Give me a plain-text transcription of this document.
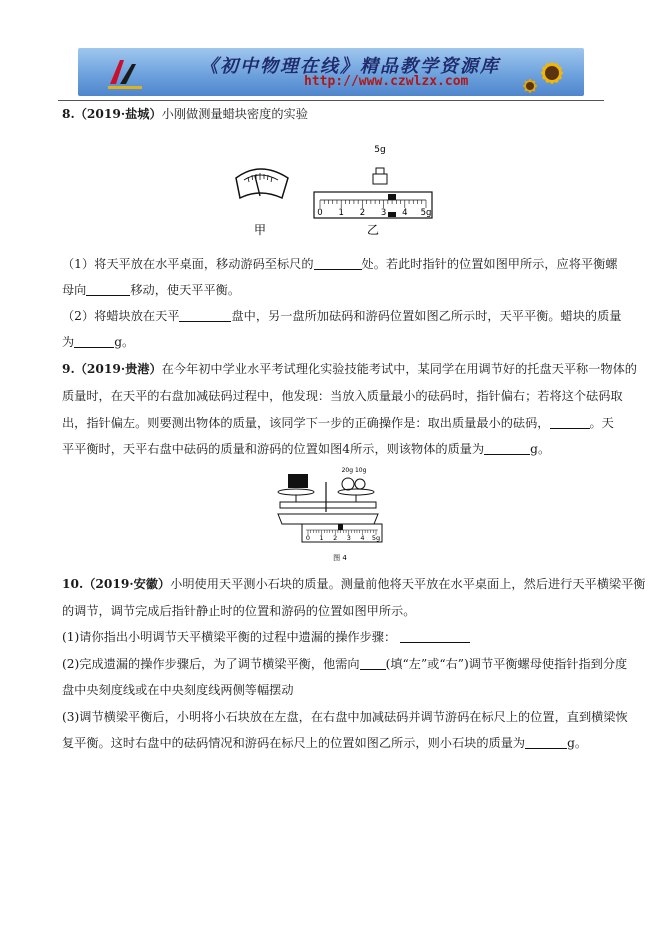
《初中物理在线》精品教学资源库
http://www.czwlzx.com
8.（2019·盐城）小刚做测量蜡块密度的实验
甲
5g
0 1 2 3 4 5g
乙
（1）将天平放在水平桌面，移动游码至标尺的	处。若此时指针的位置如图甲所示，应将平衡螺
母向	移动，使天平平衡。
（2）将蜡块放在天平	盘中，另一盘所加砝码和游码位置如图乙所示时，天平平衡。蜡块的质量
为	g。
9.（2019·贵港）在今年初中学业水平考试理化实验技能考试中，某同学在用调节好的托盘天平称一物体的
质量时，在天平的右盘加减砝码过程中，他发现：当放入质量最小的砝码时，指针偏右；若将这个砝码取
出，指针偏左。则要测出物体的质量，该同学下一步的正确操作是：取出质量最小的砝码，	。天
平平衡时，天平右盘中砝码的质量和游码的位置如图4所示，则该物体的质量为	g。
20g 10g
0 1 2 3 4 5g
图 4
10.（2019·安徽）小明使用天平测小石块的质量。测量前他将天平放在水平桌面上，然后进行天平横梁平衡
的调节，调节完成后指针静止时的位置和游码的位置如图甲所示。
(1)请你指出小明调节天平横梁平衡的过程中遗漏的操作步骤：
(2)完成遗漏的操作步骤后，为了调节横梁平衡，他需向 (填“左”或“右”)调节平衡螺母使指针指到分度
盘中央刻度线或在中央刻度线两侧等幅摆动
(3)调节横梁平衡后，小明将小石块放在左盘，在右盘中加减砝码并调节游码在标尺上的位置，直到横梁恢
复平衡。这时右盘中的砝码情况和游码在标尺上的位置如图乙所示，则小石块的质量为	g。
